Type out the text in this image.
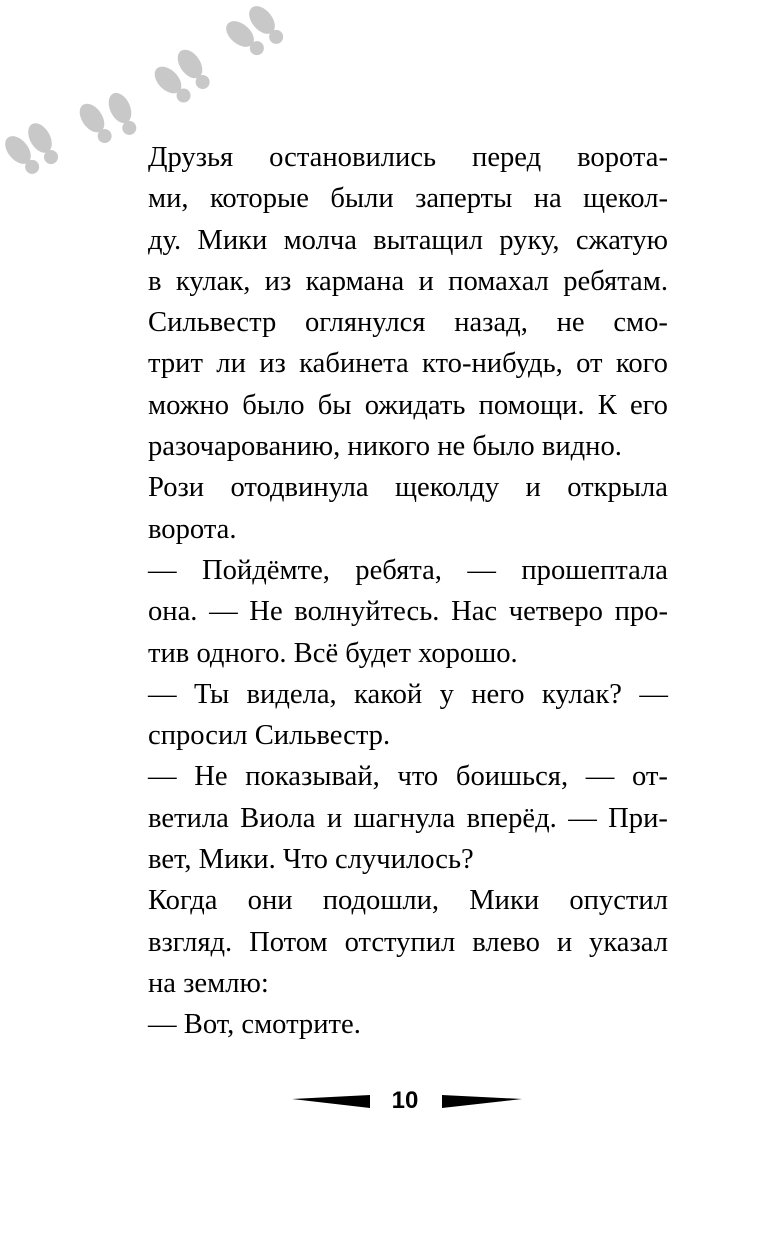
Друзья остановились перед ворота-
ми, которые были заперты на щекол-
ду. Мики молча вытащил руку, сжатую
в кулак, из кармана и помахал ребятам.
Сильвестр оглянулся назад, не смо-
трит ли из кабинета кто-нибудь, от кого
можно было бы ожидать помощи. К его
разочарованию, никого не было видно.
Рози отодвинула щеколду и открыла
ворота.
— Пойдёмте, ребята, — прошептала
она. — Не волнуйтесь. Нас четверо про-
тив одного. Всё будет хорошо.
— Ты видела, какой у него кулак? —
спросил Сильвестр.
— Не показывай, что боишься, — от-
ветила Виола и шагнула вперёд. — При-
вет, Мики. Что случилось?
Когда они подошли, Мики опустил
взгляд. Потом отступил влево и указал
на землю:
— Вот, смотрите.
10
